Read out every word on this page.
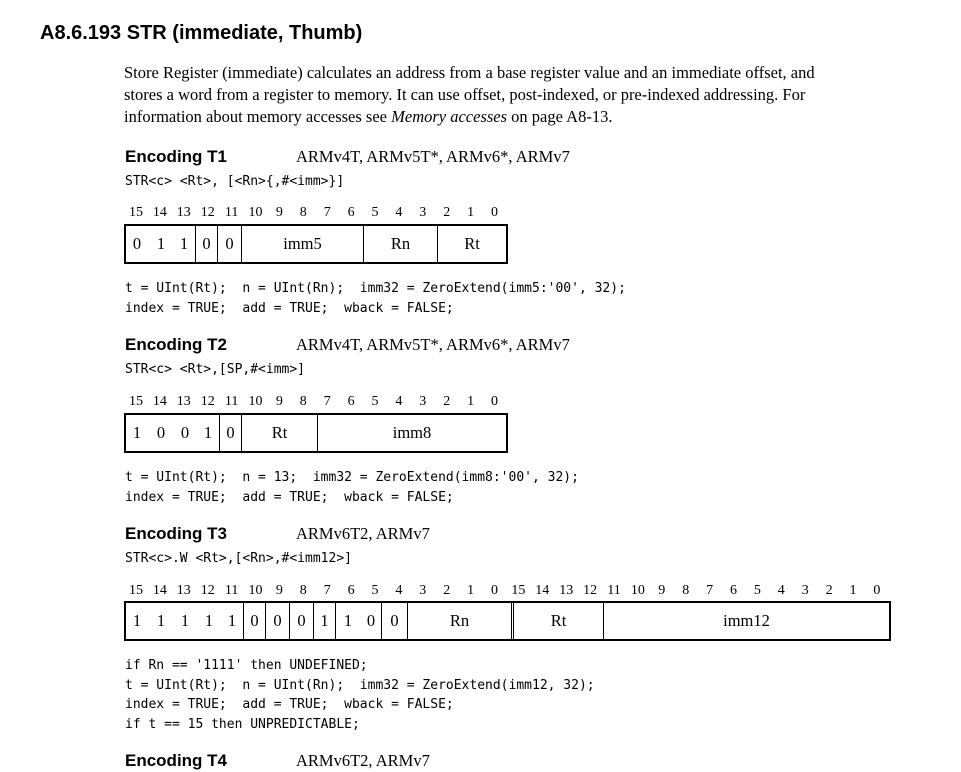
A8.6.193 STR (immediate, Thumb)

Store Register (immediate) calculates an address from a base register value and an immediate offset, and

stores a word from a register to memory. It can use offset, post-indexed, or pre-indexed addressing. For

information about memory accesses see Memory accesses on page A8-13.

Encoding T1	ARMv4T, ARMv5T*, ARMv6*, ARMv7
STR<c> <Rt>, [<Rn>{,#<imm>}]
15 14 13 12 11 10 9 8 7 6 5 4 3 2 1 0
0 1 1 0 0	imm5	Rn	Rt
t = UInt(Rt);  n = UInt(Rn);  imm32 = ZeroExtend(imm5:'00', 32);
index = TRUE;  add = TRUE;  wback = FALSE;
Encoding T2	ARMv4T, ARMv5T*, ARMv6*, ARMv7
STR<c> <Rt>,[SP,#<imm>]
15 14 13 12 11 10 9 8 7 6 5 4 3 2 1 0
1 0 0 1 0	Rt	imm8
t = UInt(Rt);  n = 13;  imm32 = ZeroExtend(imm8:'00', 32);
index = TRUE;  add = TRUE;  wback = FALSE;
Encoding T3	ARMv6T2, ARMv7
STR<c>.W <Rt>,[<Rn>,#<imm12>]
15 14 13 12 11 10 9 8 7 6 5 4 3 2 1 0 15 14 13 12 11 10 9 8 7 6 5 4 3 2 1 0
1 1 1 1 1 0 0 0 1 1 0 0	Rn	Rt	imm12
if Rn == '1111' then UNDEFINED;
t = UInt(Rt);  n = UInt(Rn);  imm32 = ZeroExtend(imm12, 32);
index = TRUE;  add = TRUE;  wback = FALSE;
if t == 15 then UNPREDICTABLE;
Encoding T4	ARMv6T2, ARMv7
